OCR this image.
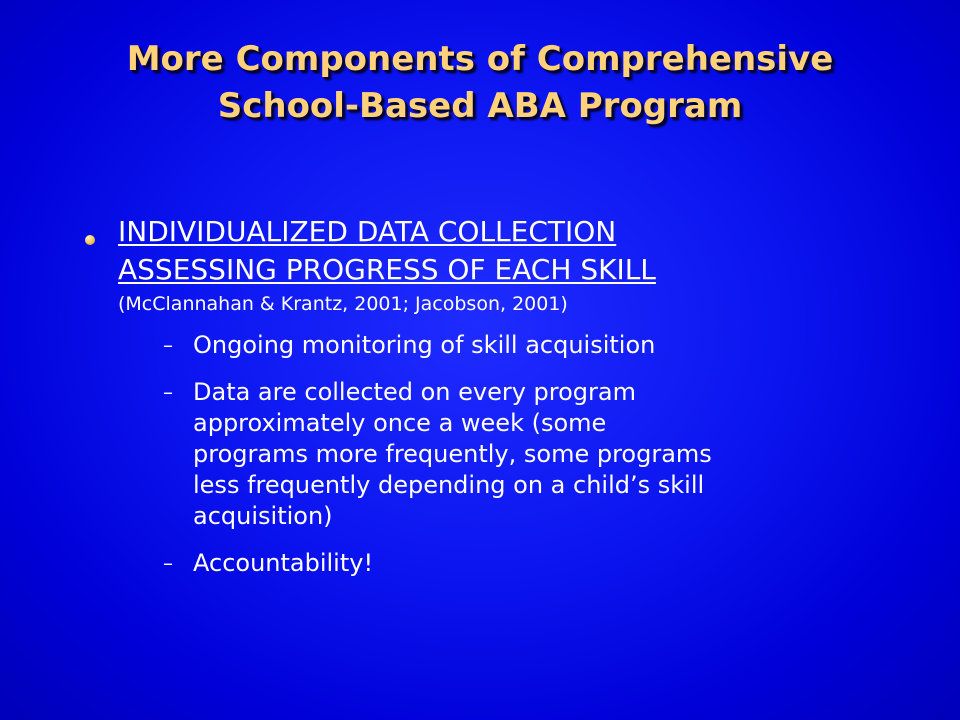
More Components of Comprehensive
School-Based ABA Program
INDIVIDUALIZED DATA COLLECTION
ASSESSING PROGRESS OF EACH SKILL
(McClannahan & Krantz, 2001; Jacobson, 2001)
– Ongoing monitoring of skill acquisition
– Data are collected on every program
approximately once a week (some
programs more frequently, some programs
less frequently depending on a child’s skill
acquisition)
– Accountability!
